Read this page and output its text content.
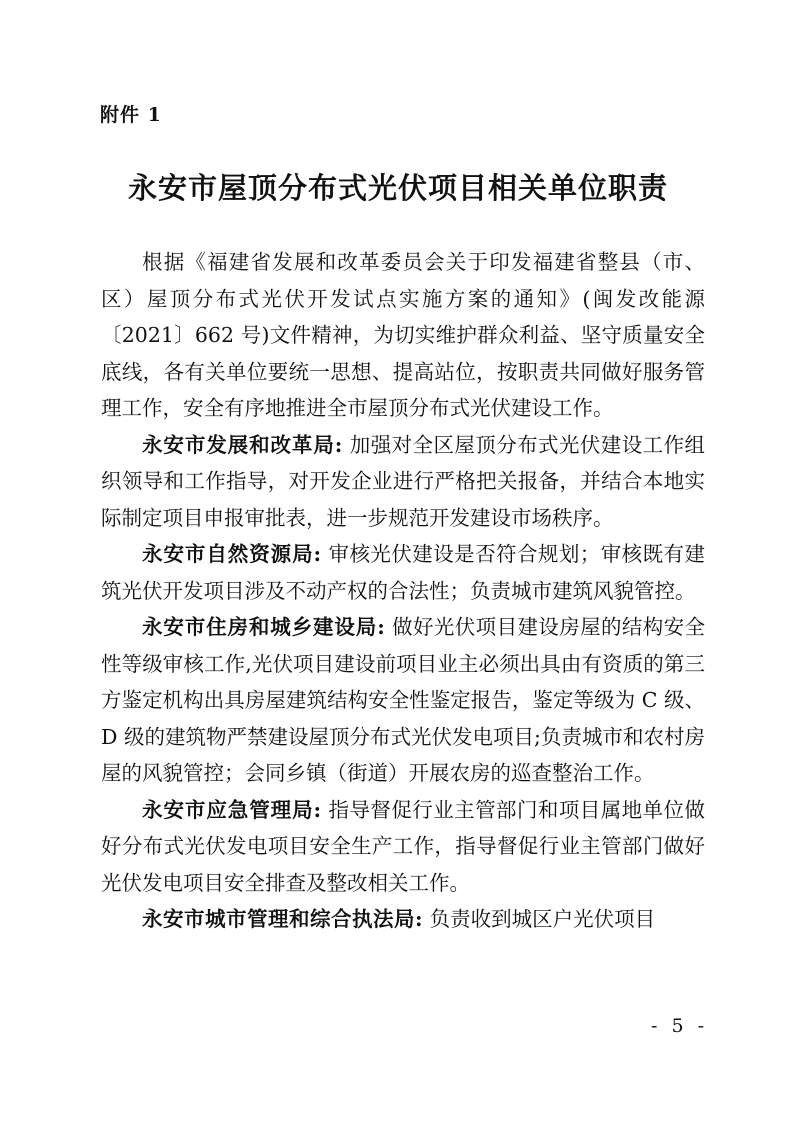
附件 1
永安市屋顶分布式光伏项目相关单位职责

根据《福建省发展和改革委员会关于印发福建省整县（市、区）屋顶分布式光伏开发试点实施方案的通知》(闽发改能源〔2021〕662 号)文件精神，为切实维护群众利益、坚守质量安全底线，各有关单位要统一思想、提高站位，按职责共同做好服务管理工作，安全有序地推进全市屋顶分布式光伏建设工作。

永安市发展和改革局: 加强对全区屋顶分布式光伏建设工作组织领导和工作指导，对开发企业进行严格把关报备，并结合本地实际制定项目申报审批表，进一步规范开发建设市场秩序。

永安市自然资源局: 审核光伏建设是否符合规划；审核既有建筑光伏开发项目涉及不动产权的合法性；负责城市建筑风貌管控。

永安市住房和城乡建设局: 做好光伏项目建设房屋的结构安全性等级审核工作,光伏项目建设前项目业主必须出具由有资质的第三方鉴定机构出具房屋建筑结构安全性鉴定报告，鉴定等级为 C 级、D 级的建筑物严禁建设屋顶分布式光伏发电项目;负责城市和农村房屋的风貌管控；会同乡镇（街道）开展农房的巡查整治工作。

永安市应急管理局: 指导督促行业主管部门和项目属地单位做好分布式光伏发电项目安全生产工作，指导督促行业主管部门做好光伏发电项目安全排查及整改相关工作。

永安市城市管理和综合执法局: 负责收到城区户光伏项目

- 5 -
